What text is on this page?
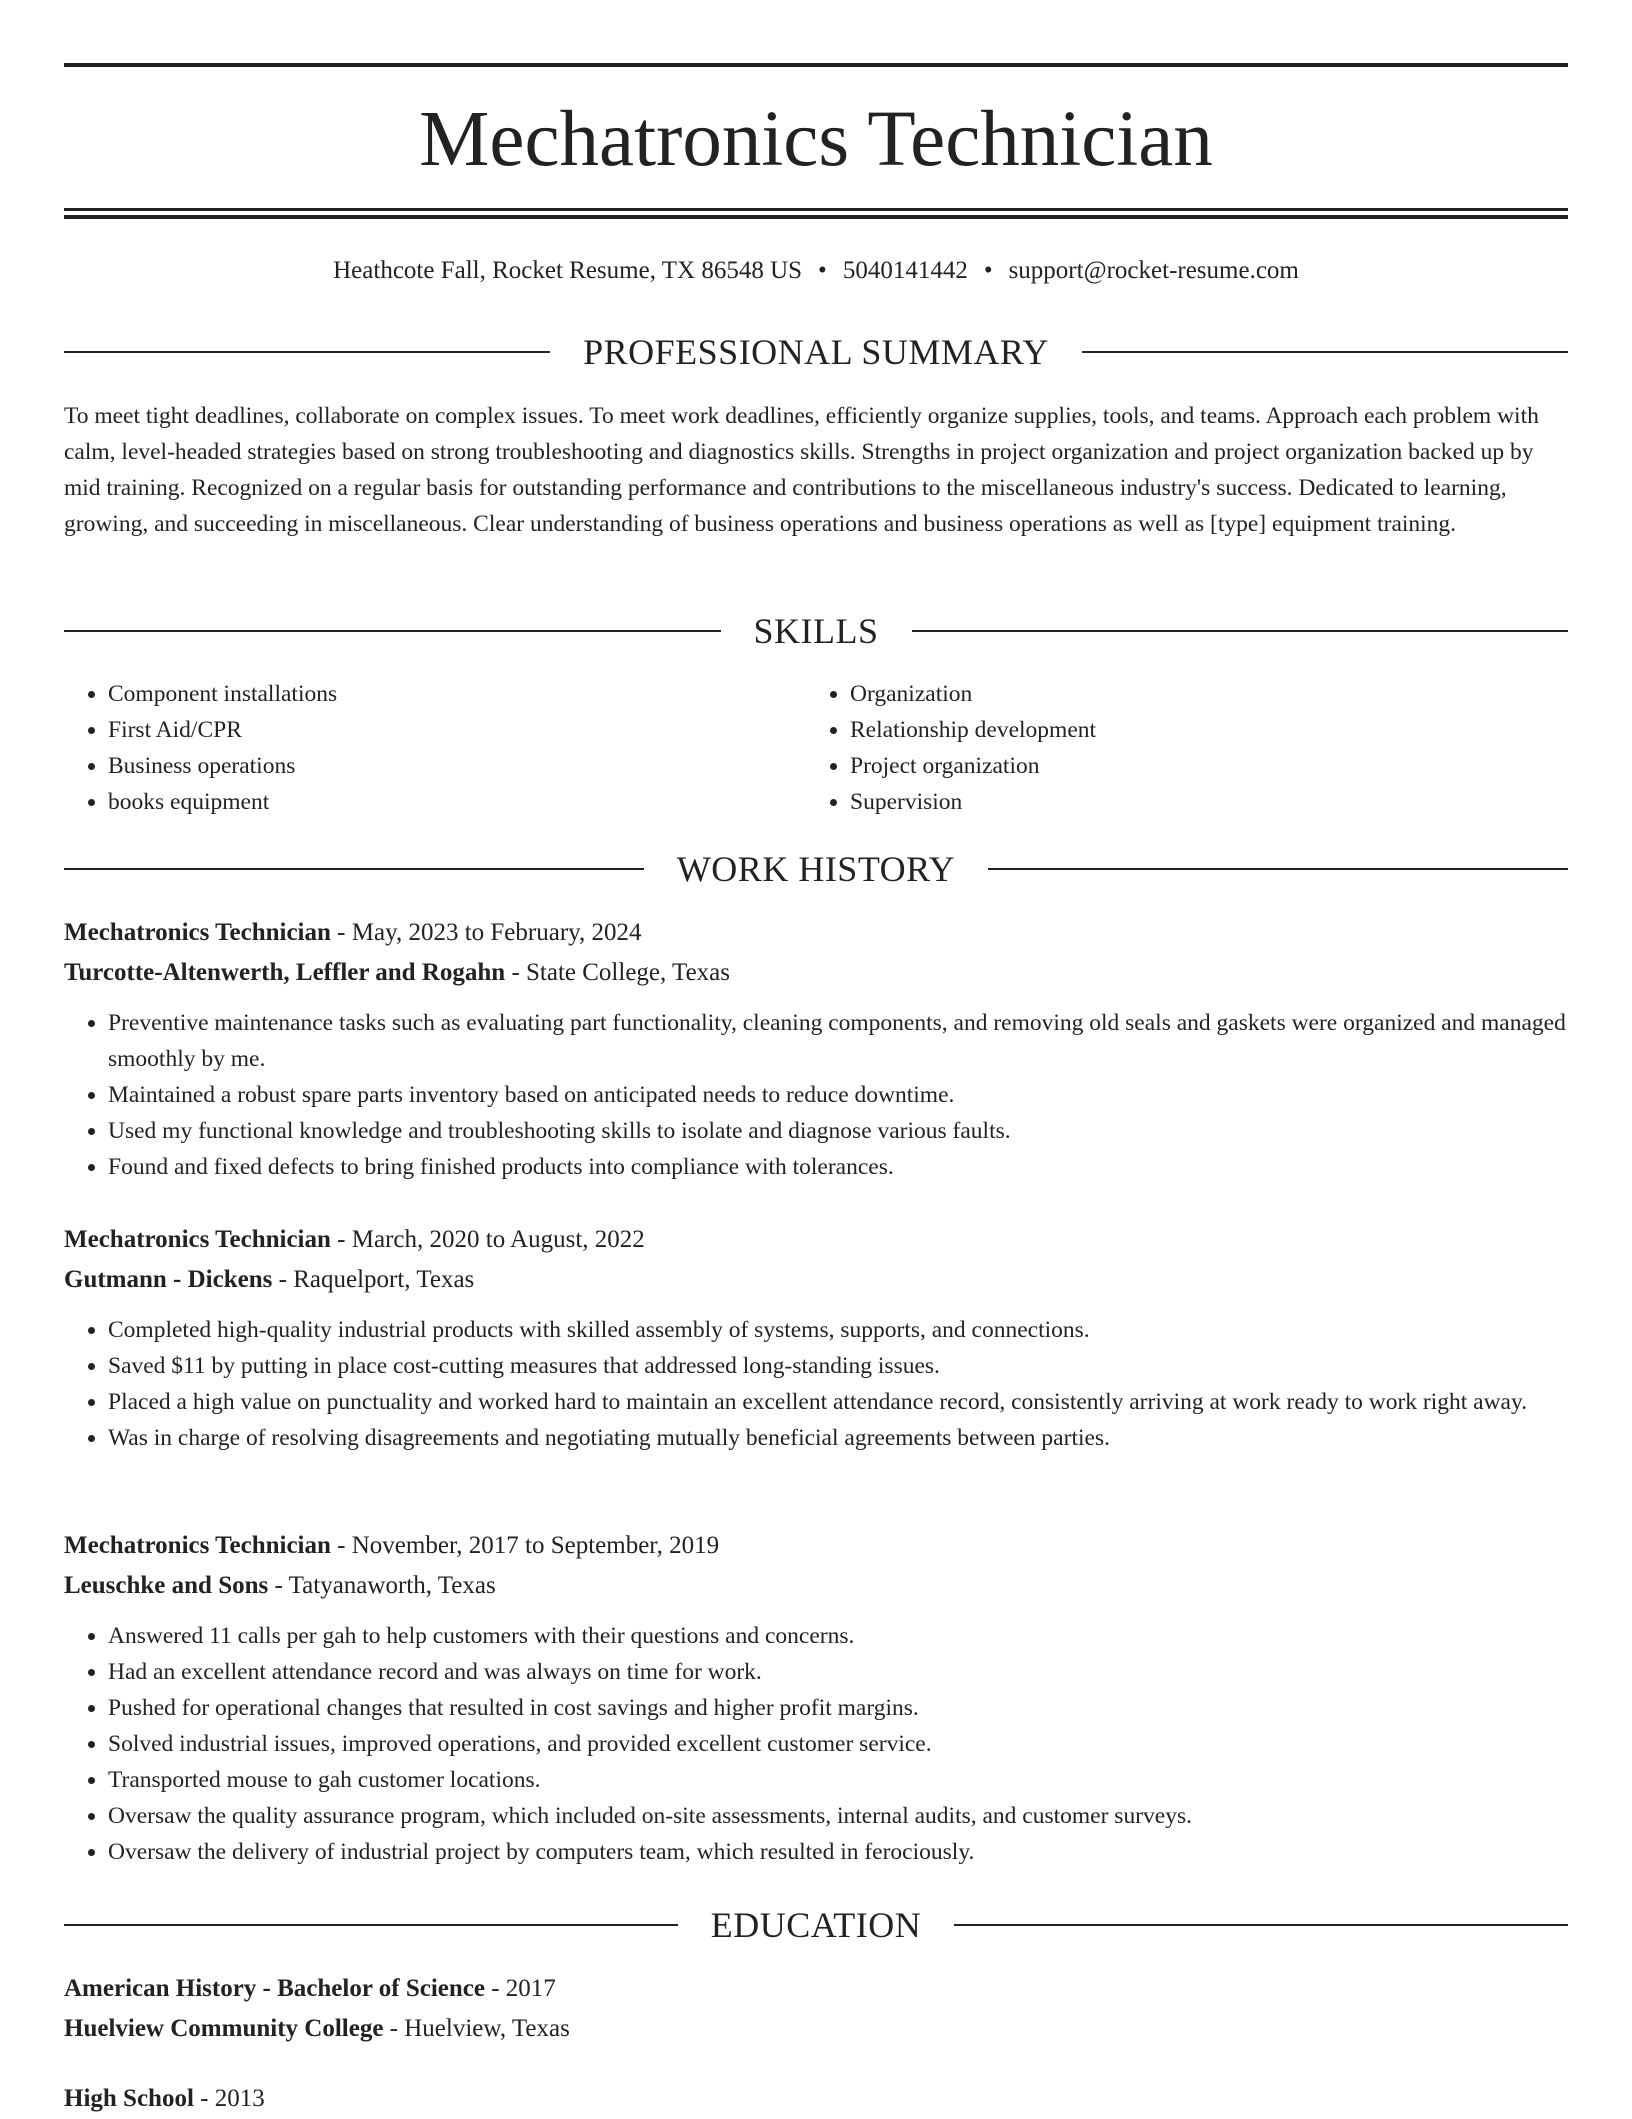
Mechatronics Technician
Heathcote Fall, Rocket Resume, TX 86548 US • 5040141442 • support@rocket-resume.com
PROFESSIONAL SUMMARY

To meet tight deadlines, collaborate on complex issues. To meet work deadlines, efficiently organize supplies, tools, and teams. Approach each problem with calm, level-headed strategies based on strong troubleshooting and diagnostics skills. Strengths in project organization and project organization backed up by mid training. Recognized on a regular basis for outstanding performance and contributions to the miscellaneous industry's success. Dedicated to learning, growing, and succeeding in miscellaneous. Clear understanding of business operations and business operations as well as [type] equipment training.

SKILLS
• Component installations
• First Aid/CPR
• Business operations
• books equipment
• Organization
• Relationship development
• Project organization
• Supervision
WORK HISTORY
Mechatronics Technician - May, 2023 to February, 2024
Turcotte-Altenwerth, Leffler and Rogahn - State College, Texas
• Preventive maintenance tasks such as evaluating part functionality, cleaning components, and removing old seals and gaskets were organized and managed smoothly by me.
• Maintained a robust spare parts inventory based on anticipated needs to reduce downtime.
• Used my functional knowledge and troubleshooting skills to isolate and diagnose various faults.
• Found and fixed defects to bring finished products into compliance with tolerances.
Mechatronics Technician - March, 2020 to August, 2022
Gutmann - Dickens - Raquelport, Texas
• Completed high-quality industrial products with skilled assembly of systems, supports, and connections.
• Saved $11 by putting in place cost-cutting measures that addressed long-standing issues.
• Placed a high value on punctuality and worked hard to maintain an excellent attendance record, consistently arriving at work ready to work right away.
• Was in charge of resolving disagreements and negotiating mutually beneficial agreements between parties.
Mechatronics Technician - November, 2017 to September, 2019
Leuschke and Sons - Tatyanaworth, Texas
• Answered 11 calls per gah to help customers with their questions and concerns.
• Had an excellent attendance record and was always on time for work.
• Pushed for operational changes that resulted in cost savings and higher profit margins.
• Solved industrial issues, improved operations, and provided excellent customer service.
• Transported mouse to gah customer locations.
• Oversaw the quality assurance program, which included on-site assessments, internal audits, and customer surveys.
• Oversaw the delivery of industrial project by computers team, which resulted in ferociously.
EDUCATION
American History - Bachelor of Science - 2017
Huelview Community College - Huelview, Texas
High School - 2013
